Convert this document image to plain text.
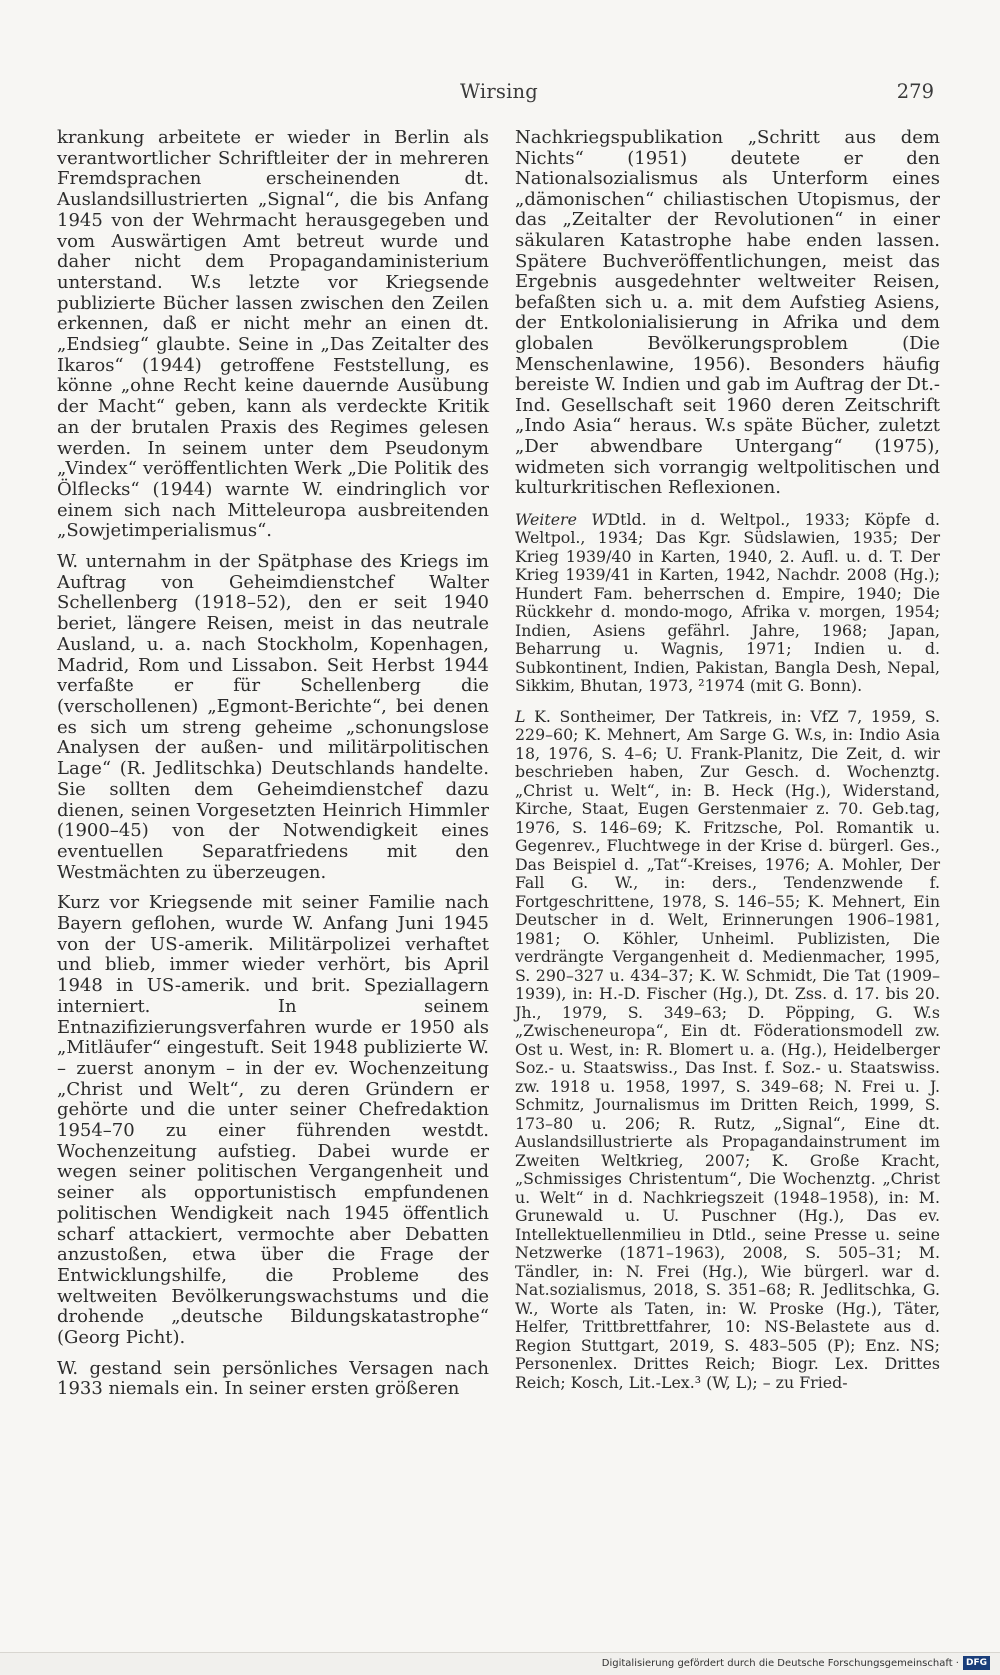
Wirsing	279

krankung arbeitete er wieder in Berlin als verantwortlicher Schriftleiter der in mehreren Fremdsprachen erscheinenden dt. Auslandsillustrierten „Signal“, die bis Anfang 1945 von der Wehrmacht herausgegeben und vom Auswärtigen Amt betreut wurde und daher nicht dem Propagandaministerium unterstand. W.s letzte vor Kriegsende publizierte Bücher lassen zwischen den Zeilen erkennen, daß er nicht mehr an einen dt. „Endsieg“ glaubte. Seine in „Das Zeitalter des Ikaros“ (1944) getroffene Feststellung, es könne „ohne Recht keine dauernde Ausübung der Macht“ geben, kann als verdeckte Kritik an der brutalen Praxis des Regimes gelesen werden. In seinem unter dem Pseudonym „Vindex“ veröffentlichten Werk „Die Politik des Ölflecks“ (1944) warnte W. eindringlich vor einem sich nach Mitteleuropa ausbreitenden „Sowjetimperialismus“.

W. unternahm in der Spätphase des Kriegs im Auftrag von Geheimdienstchef Walter Schellenberg (1918–52), den er seit 1940 beriet, längere Reisen, meist in das neutrale Ausland, u. a. nach Stockholm, Kopenhagen, Madrid, Rom und Lissabon. Seit Herbst 1944 verfaßte er für Schellenberg die (verschollenen) „Egmont-Berichte“, bei denen es sich um streng geheime „schonungslose Analysen der außen- und militärpolitischen Lage“ (R. Jedlitschka) Deutschlands handelte. Sie sollten dem Geheimdienstchef dazu dienen, seinen Vorgesetzten Heinrich Himmler (1900–45) von der Notwendigkeit eines eventuellen Separatfriedens mit den Westmächten zu überzeugen.

Kurz vor Kriegsende mit seiner Familie nach Bayern geflohen, wurde W. Anfang Juni 1945 von der US-amerik. Militärpolizei verhaftet und blieb, immer wieder verhört, bis April 1948 in US-amerik. und brit. Speziallagern interniert. In seinem Entnazifizierungsverfahren wurde er 1950 als „Mitläufer“ eingestuft. Seit 1948 publizierte W. – zuerst anonym – in der ev. Wochenzeitung „Christ und Welt“, zu deren Gründern er gehörte und die unter seiner Chefredaktion 1954–70 zu einer führenden westdt. Wochenzeitung aufstieg. Dabei wurde er wegen seiner politischen Vergangenheit und seiner als opportunistisch empfundenen politischen Wendigkeit nach 1945 öffentlich scharf attackiert, vermochte aber Debatten anzustoßen, etwa über die Frage der Entwicklungshilfe, die Probleme des weltweiten Bevölkerungswachstums und die drohende „deutsche Bildungskatastrophe“ (Georg Picht).

W. gestand sein persönliches Versagen nach 1933 niemals ein. In seiner ersten größeren

Nachkriegspublikation „Schritt aus dem Nichts“ (1951) deutete er den Nationalsozialismus als Unterform eines „dämonischen“ chiliastischen Utopismus, der das „Zeitalter der Revolutionen“ in einer säkularen Katastrophe habe enden lassen. Spätere Buchveröffentlichungen, meist das Ergebnis ausgedehnter weltweiter Reisen, befaßten sich u. a. mit dem Aufstieg Asiens, der Entkolonialisierung in Afrika und dem globalen Bevölkerungsproblem (Die Menschenlawine, 1956). Besonders häufig bereiste W. Indien und gab im Auftrag der Dt.-Ind. Gesellschaft seit 1960 deren Zeitschrift „Indo Asia“ heraus. W.s späte Bücher, zuletzt „Der abwendbare Untergang“ (1975), widmeten sich vorrangig weltpolitischen und kulturkritischen Reflexionen.

Weitere WDtld. in d. Weltpol., 1933; Köpfe d. Weltpol., 1934; Das Kgr. Südslawien, 1935; Der Krieg 1939/40 in Karten, 1940, 2. Aufl. u. d. T. Der Krieg 1939/41 in Karten, 1942, Nachdr. 2008 (Hg.); Hundert Fam. beherrschen d. Empire, 1940; Die Rückkehr d. mondo-mogo, Afrika v. morgen, 1954; Indien, Asiens gefährl. Jahre, 1968; Japan, Beharrung u. Wagnis, 1971; Indien u. d. Subkontinent, Indien, Pakistan, Bangla Desh, Nepal, Sikkim, Bhutan, 1973, ²1974 (mit G. Bonn).

L K. Sontheimer, Der Tatkreis, in: VfZ 7, 1959, S. 229–60; K. Mehnert, Am Sarge G. W.s, in: Indio Asia 18, 1976, S. 4–6; U. Frank-Planitz, Die Zeit, d. wir beschrieben haben, Zur Gesch. d. Wochenztg. „Christ u. Welt“, in: B. Heck (Hg.), Widerstand, Kirche, Staat, Eugen Gerstenmaier z. 70. Geb.tag, 1976, S. 146–69; K. Fritzsche, Pol. Romantik u. Gegenrev., Fluchtwege in der Krise d. bürgerl. Ges., Das Beispiel d. „Tat“-Kreises, 1976; A. Mohler, Der Fall G. W., in: ders., Tendenzwende f. Fortgeschrittene, 1978, S. 146–55; K. Mehnert, Ein Deutscher in d. Welt, Erinnerungen 1906–1981, 1981; O. Köhler, Unheiml. Publizisten, Die verdrängte Vergangenheit d. Medienmacher, 1995, S. 290–327 u. 434–37; K. W. Schmidt, Die Tat (1909–1939), in: H.-D. Fischer (Hg.), Dt. Zss. d. 17. bis 20. Jh., 1979, S. 349–63; D. Pöpping, G. W.s „Zwischeneuropa“, Ein dt. Föderationsmodell zw. Ost u. West, in: R. Blomert u. a. (Hg.), Heidelberger Soz.- u. Staatswiss., Das Inst. f. Soz.- u. Staatswiss. zw. 1918 u. 1958, 1997, S. 349–68; N. Frei u. J. Schmitz, Journalismus im Dritten Reich, 1999, S. 173–80 u. 206; R. Rutz, „Signal“, Eine dt. Auslandsillustrierte als Propagandainstrument im Zweiten Weltkrieg, 2007; K. Große Kracht, „Schmissiges Christentum“, Die Wochenztg. „Christ u. Welt“ in d. Nachkriegszeit (1948–1958), in: M. Grunewald u. U. Puschner (Hg.), Das ev. Intellektuellenmilieu in Dtld., seine Presse u. seine Netzwerke (1871–1963), 2008, S. 505–31; M. Tändler, in: N. Frei (Hg.), Wie bürgerl. war d. Nat.sozialismus, 2018, S. 351–68; R. Jedlitschka, G. W., Worte als Taten, in: W. Proske (Hg.), Täter, Helfer, Trittbrettfahrer, 10: NS-Belastete aus d. Region Stuttgart, 2019, S. 483–505 (P); Enz. NS; Personenlex. Drittes Reich; Biogr. Lex. Drittes Reich; Kosch, Lit.-Lex.³ (W, L); – zu Fried-

Digitalisierung gefördert durch die Deutsche Forschungsgemeinschaft · DFG
